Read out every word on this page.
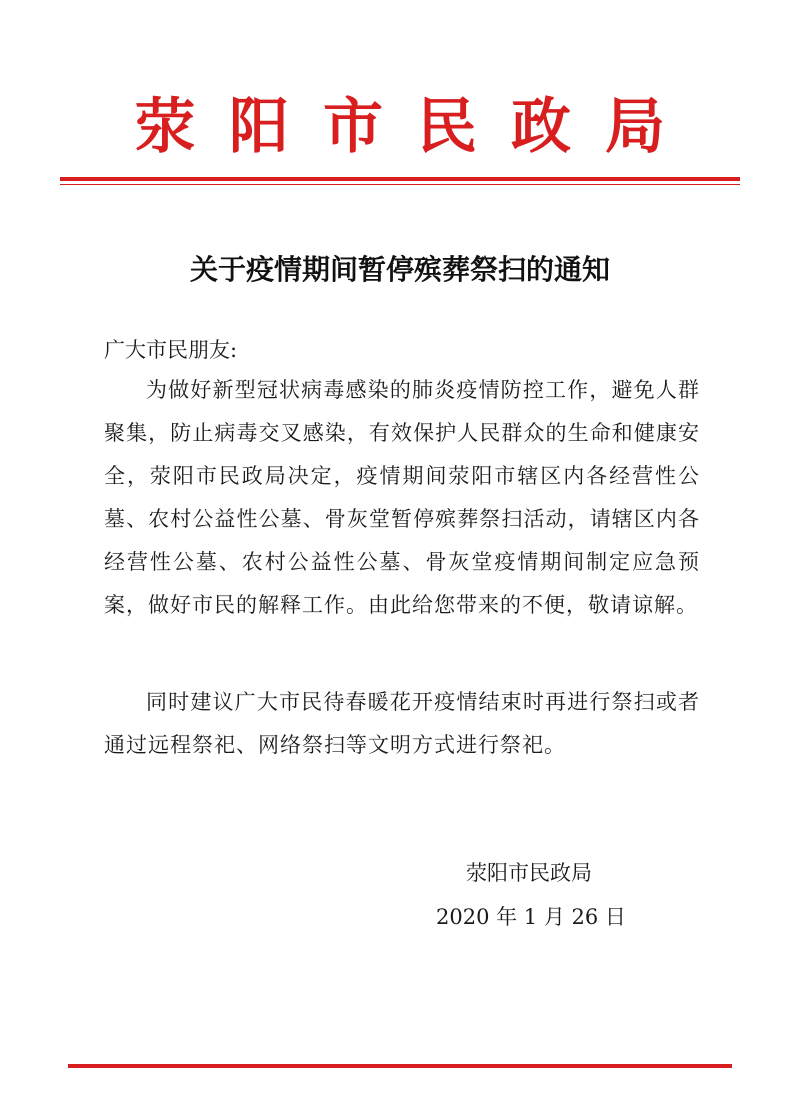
荥阳市民政局
关于疫情期间暂停殡葬祭扫的通知
广大市民朋友:
为做好新型冠状病毒感染的肺炎疫情防控工作，避免人群聚集，防止病毒交叉感染，有效保护人民群众的生命和健康安全，荥阳市民政局决定，疫情期间荥阳市辖区内各经营性公墓、农村公益性公墓、骨灰堂暂停殡葬祭扫活动，请辖区内各经营性公墓、农村公益性公墓、骨灰堂疫情期间制定应急预案，做好市民的解释工作。由此给您带来的不便，敬请谅解。
同时建议广大市民待春暖花开疫情结束时再进行祭扫或者通过远程祭祀、网络祭扫等文明方式进行祭祀。
荥阳市民政局
2020 年 1 月 26 日
